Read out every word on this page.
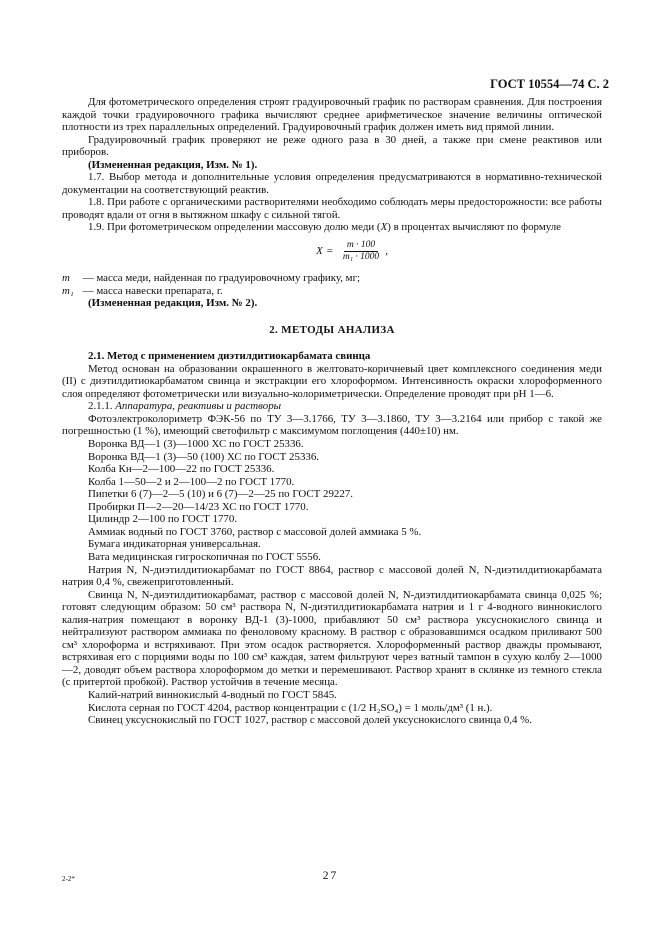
ГОСТ 10554—74 С. 2

Для фотометрического определения строят градуировочный график по растворам сравнения. Для построения каждой точки градуировочного графика вычисляют среднее арифметическое значение величины оптической плотности из трех параллельных определений. Градуировочный график должен иметь вид прямой линии.

Градуировочный график проверяют не реже одного раза в 30 дней, а также при смене реактивов или приборов.

(Измененная редакция, Изм. № 1).

1.7. Выбор метода и дополнительные условия определения предусматриваются в нормативно-технической документации на соответствующий реактив.

1.8. При работе с органическими растворителями необходимо соблюдать меры предосторожности: все работы проводят вдали от огня в вытяжном шкафу с сильной тягой.

1.9. При фотометрическом определении массовую долю меди (X) в процентах вычисляют по формуле

$X = \frac{m \cdot 100}{\text{m₁ · 1000}}$ ,

m — масса меди, найденная по градуировочному графику, мг;

m₁ — масса навески препарата, г.

(Измененная редакция, Изм. № 2).

2. МЕТОДЫ АНАЛИЗА

2.1. Метод с применением диэтилдитиокарбамата свинца

Метод основан на образовании окрашенного в желтовато-коричневый цвет комплексного соединения меди (II) с диэтилдитиокарбаматом свинца и экстракции его хлороформом. Интенсивность окраски хлороформенного слоя определяют фотометрически или визуально-колориметрически. Определение проводят при рН 1—6.

2.1.1. Аппаратура, реактивы и растворы

Фотоэлектроколориметр ФЭК-56 по ТУ 3—3.1766, ТУ 3—3.1860, ТУ 3—3.2164 или прибор с такой же погрешностью (1 %), имеющий светофильтр с максимумом поглощения (440±10) нм.

Воронка ВД—1 (3)—1000 ХС по ГОСТ 25336.

Воронка ВД—1 (3)—50 (100) ХС по ГОСТ 25336.

Колба Кн—2—100—22 по ГОСТ 25336.

Колба 1—50—2 и 2—100—2 по ГОСТ 1770.

Пипетки 6 (7)—2—5 (10) и 6 (7)—2—25 по ГОСТ 29227.

Пробирки П—2—20—14/23 ХС по ГОСТ 1770.

Цилиндр 2—100 по ГОСТ 1770.

Аммиак водный по ГОСТ 3760, раствор с массовой долей аммиака 5 %.

Бумага индикаторная универсальная.

Вата медицинская гигроскопичная по ГОСТ 5556.

Натрия N, N-диэтилдитиокарбамат по ГОСТ 8864, раствор с массовой долей N, N-диэтилдитиокарбамата натрия 0,4 %, свежеприготовленный.

Свинца N, N-диэтилдитиокарбамат, раствор с массовой долей N, N-диэтилдитиокарбамата свинца 0,025 %; готовят следующим образом: 50 см³ раствора N, N-диэтилдитиокарбамата натрия и 1 г 4-водного виннокислого калия-натрия помещают в воронку ВД-1 (3)-1000, прибавляют 50 см³ раствора уксуснокислого свинца и нейтрализуют раствором аммиака по феноловому красному. В раствор с образовавшимся осадком приливают 500 см³ хлороформа и встряхивают. При этом осадок растворяется. Хлороформенный раствор дважды промывают, встряхивая его с порциями воды по 100 см³ каждая, затем фильтруют через ватный тампон в сухую колбу 2—1000—2, доводят объем раствора хлороформом до метки и перемешивают. Раствор хранят в склянке из темного стекла (с притертой пробкой). Раствор устойчив в течение месяца.

Калий-натрий виннокислый 4-водный по ГОСТ 5845.

Кислота серная по ГОСТ 4204, раствор концентрации с (1/2 H₂SO₄) = 1 моль/дм³ (1 н.).

Свинец уксуснокислый по ГОСТ 1027, раствор с массовой долей уксуснокислого свинца 0,4 %.

2-2*	27
